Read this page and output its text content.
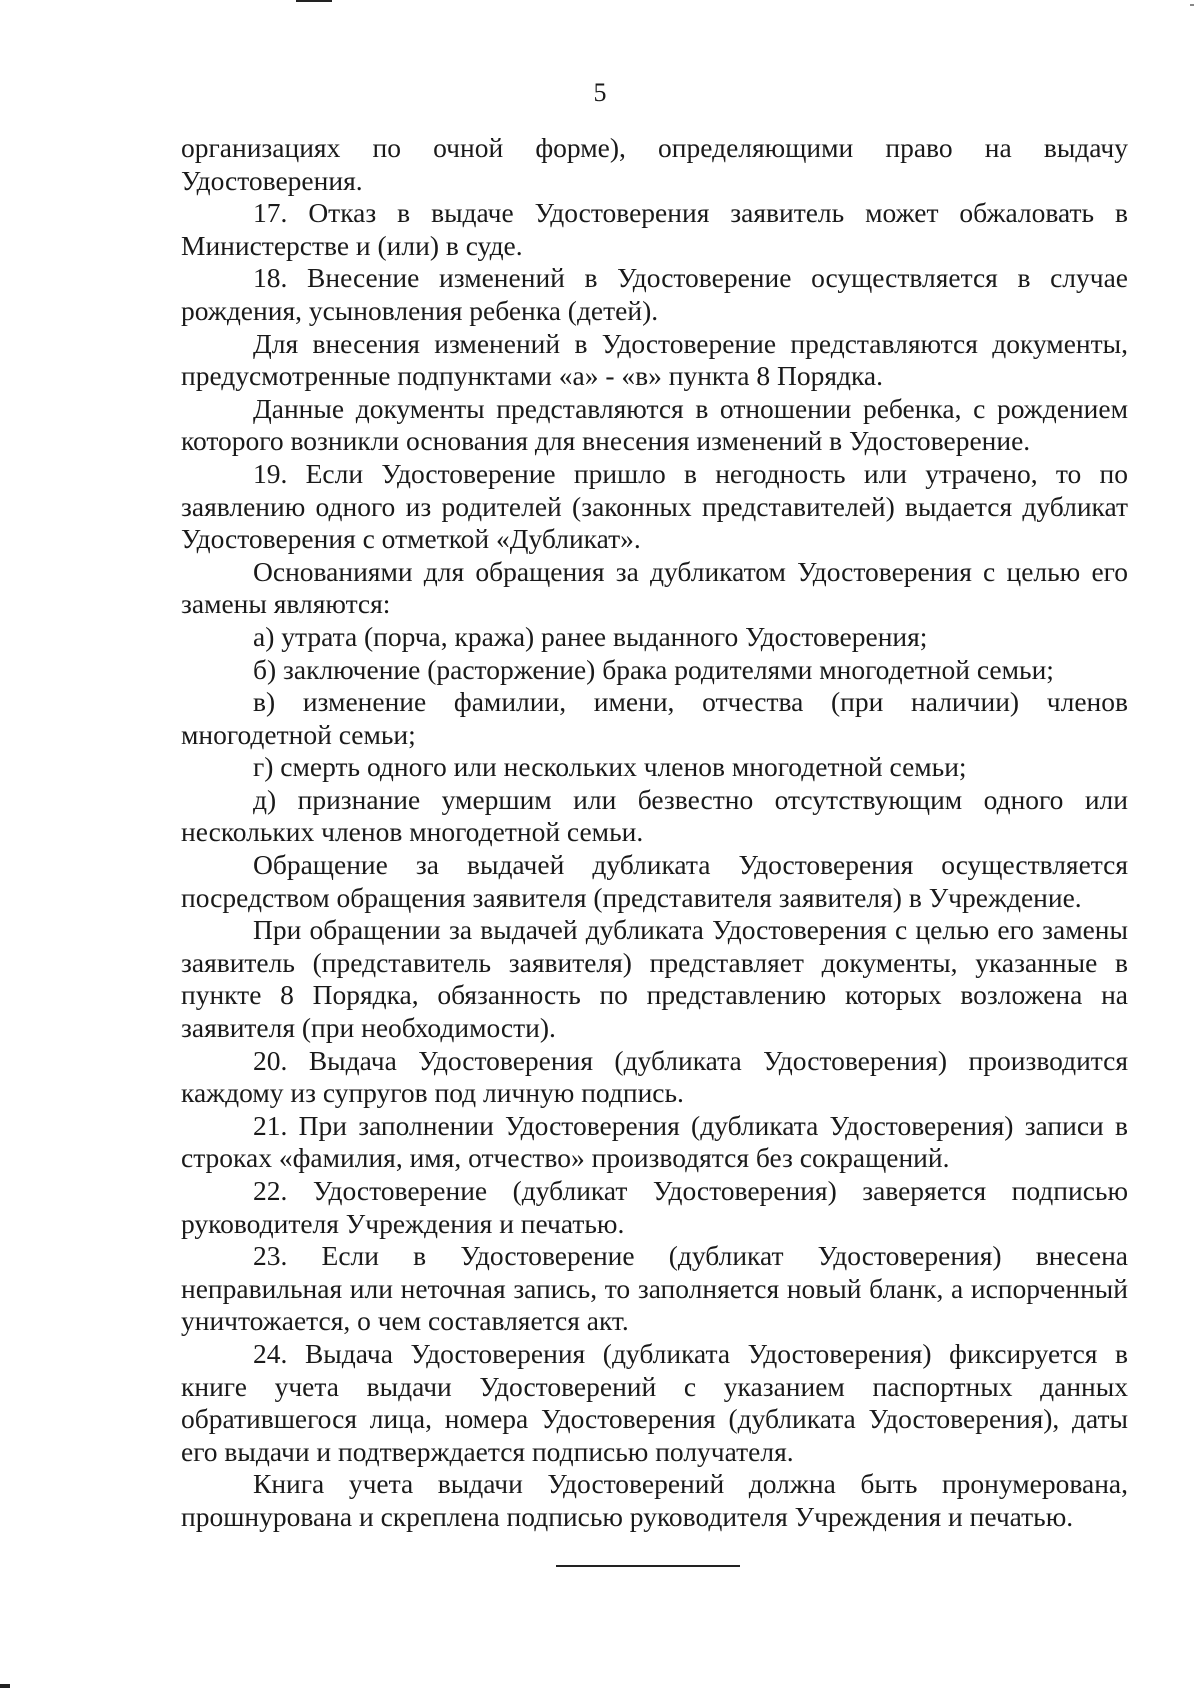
5

организациях по очной форме), определяющими право на выдачу Удостоверения.

17. Отказ в выдаче Удостоверения заявитель может обжаловать в Министерстве и (или) в суде.

18. Внесение изменений в Удостоверение осуществляется в случае рождения, усыновления ребенка (детей).

Для внесения изменений в Удостоверение представляются документы, предусмотренные подпунктами «а» - «в» пункта 8 Порядка.

Данные документы представляются в отношении ребенка, с рождением которого возникли основания для внесения изменений в Удостоверение.

19. Если Удостоверение пришло в негодность или утрачено, то по заявлению одного из родителей (законных представителей) выдается дубликат Удостоверения с отметкой «Дубликат».

Основаниями для обращения за дубликатом Удостоверения с целью его замены являются:

а) утрата (порча, кража) ранее выданного Удостоверения;

б) заключение (расторжение) брака родителями многодетной семьи;

в) изменение фамилии, имени, отчества (при наличии) членов многодетной семьи;

г) смерть одного или нескольких членов многодетной семьи;

д) признание умершим или безвестно отсутствующим одного или нескольких членов многодетной семьи.

Обращение за выдачей дубликата Удостоверения осуществляется посредством обращения заявителя (представителя заявителя) в Учреждение.

При обращении за выдачей дубликата Удостоверения с целью его замены заявитель (представитель заявителя) представляет документы, указанные в пункте 8 Порядка, обязанность по представлению которых возложена на заявителя (при необходимости).

20. Выдача Удостоверения (дубликата Удостоверения) производится каждому из супругов под личную подпись.

21. При заполнении Удостоверения (дубликата Удостоверения) записи в строках «фамилия, имя, отчество» производятся без сокращений.

22. Удостоверение (дубликат Удостоверения) заверяется подписью руководителя Учреждения и печатью.

23. Если в Удостоверение (дубликат Удостоверения) внесена неправильная или неточная запись, то заполняется новый бланк, а испорченный уничтожается, о чем составляется акт.

24. Выдача Удостоверения (дубликата Удостоверения) фиксируется в книге учета выдачи Удостоверений с указанием паспортных данных обратившегося лица, номера Удостоверения (дубликата Удостоверения), даты его выдачи и подтверждается подписью получателя.

Книга учета выдачи Удостоверений должна быть пронумерована, прошнурована и скреплена подписью руководителя Учреждения и печатью.
